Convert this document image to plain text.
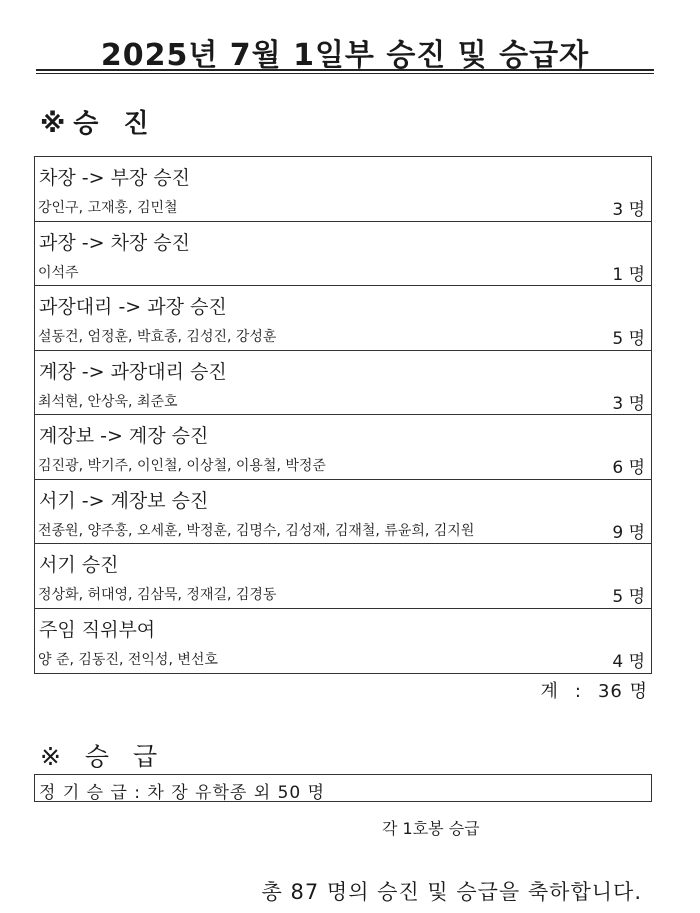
2025년 7월 1일부 승진 및 승급자
※승 진
차장 -> 부장 승진
강인구, 고재홍, 김민철	3 명
과장 -> 차장 승진
이석주	1 명
과장대리 -> 과장 승진
설동건, 엄정훈, 박효종, 김성진, 강성훈	5 명
계장 -> 과장대리 승진
최석현, 안상욱, 최준호	3 명
계장보 -> 계장 승진
김진광, 박기주, 이인철, 이상철, 이용철, 박정준	6 명
서기 -> 계장보 승진
전종원, 양주홍, 오세훈, 박정훈, 김명수, 김성재, 김재철, 류윤희, 김지원	9 명
서기 승진
정상화, 허대영, 김삼묵, 정재길, 김경동	5 명
주임 직위부여
양 준, 김동진, 전익성, 변선호	4 명
계 : 36 명
※ 승 급
정 기 승 급 : 차 장 유학종 외 50 명
각 1호봉 승급
총 87 명의 승진 및 승급을 축하합니다.
